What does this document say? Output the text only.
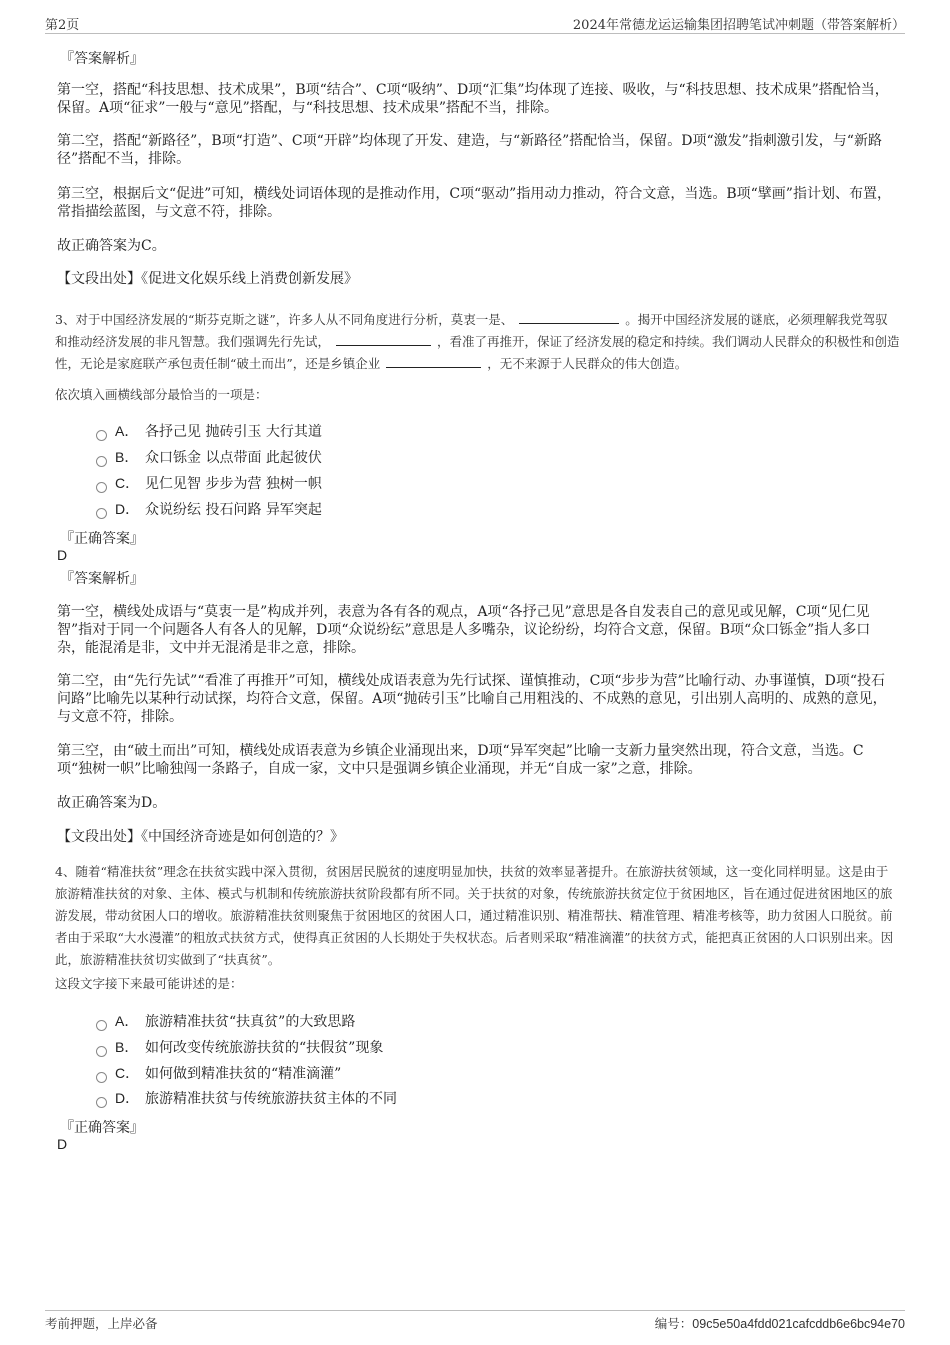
第2页	2024年常德龙运运输集团招聘笔试冲刺题（带答案解析）
『答案解析』
第一空，搭配“科技思想、技术成果”，B项“结合”、C项“吸纳”、D项“汇集”均体现了连接、吸收，与“科技思想、技术成果”搭配恰当，保留。A项“征求”一般与“意见”搭配，与“科技思想、技术成果”搭配不当，排除。
第二空，搭配“新路径”，B项“打造”、C项“开辟”均体现了开发、建造，与“新路径”搭配恰当，保留。D项“激发”指刺激引发，与“新路径”搭配不当，排除。
第三空，根据后文“促进”可知，横线处词语体现的是推动作用，C项“驱动”指用动力推动，符合文意，当选。B项“擘画”指计划、布置，常指描绘蓝图，与文意不符，排除。
故正确答案为C。
【文段出处】《促进文化娱乐线上消费创新发展》
3、对于中国经济发展的“斯芬克斯之谜”，许多人从不同角度进行分析，莫衷一是、	。揭开中国经济发展的谜底，必须理解我党驾驭和推动经济发展的非凡智慧。我们强调先行先试，	，看准了再推开，保证了经济发展的稳定和持续。我们调动人民群众的积极性和创造性，无论是家庭联产承包责任制“破土而出”，还是乡镇企业	，无不来源于人民群众的伟大创造。
依次填入画横线部分最恰当的一项是：
A． 各抒己见 抛砖引玉 大行其道
B． 众口铄金 以点带面 此起彼伏
C． 见仁见智 步步为营 独树一帜
D． 众说纷纭 投石问路 异军突起
『正确答案』
D
『答案解析』
第一空，横线处成语与“莫衷一是”构成并列，表意为各有各的观点，A项“各抒己见”意思是各自发表自己的意见或见解，C项“见仁见智”指对于同一个问题各人有各人的见解，D项“众说纷纭”意思是人多嘴杂，议论纷纷，均符合文意，保留。B项“众口铄金”指人多口杂，能混淆是非，文中并无混淆是非之意，排除。
第二空，由“先行先试”“看准了再推开”可知，横线处成语表意为先行试探、谨慎推动，C项“步步为营”比喻行动、办事谨慎，D项“投石问路”比喻先以某种行动试探，均符合文意，保留。A项“抛砖引玉”比喻自己用粗浅的、不成熟的意见，引出别人高明的、成熟的意见，与文意不符，排除。
第三空，由“破土而出”可知，横线处成语表意为乡镇企业涌现出来，D项“异军突起”比喻一支新力量突然出现，符合文意，当选。C项“独树一帜”比喻独闯一条路子，自成一家，文中只是强调乡镇企业涌现，并无“自成一家”之意，排除。
故正确答案为D。
【文段出处】《中国经济奇迹是如何创造的？》
4、随着“精准扶贫”理念在扶贫实践中深入贯彻，贫困居民脱贫的速度明显加快，扶贫的效率显著提升。在旅游扶贫领域，这一变化同样明显。这是由于旅游精准扶贫的对象、主体、模式与机制和传统旅游扶贫阶段都有所不同。关于扶贫的对象，传统旅游扶贫定位于贫困地区，旨在通过促进贫困地区的旅游发展，带动贫困人口的增收。旅游精准扶贫则聚焦于贫困地区的贫困人口，通过精准识别、精准帮扶、精准管理、精准考核等，助力贫困人口脱贫。前者由于采取“大水漫灌”的粗放式扶贫方式，使得真正贫困的人长期处于失权状态。后者则采取“精准滴灌”的扶贫方式，能把真正贫困的人口识别出来。因此，旅游精准扶贫切实做到了“扶真贫”。
这段文字接下来最可能讲述的是：
A． 旅游精准扶贫“扶真贫”的大致思路
B． 如何改变传统旅游扶贫的“扶假贫”现象
C． 如何做到精准扶贫的“精准滴灌”
D． 旅游精准扶贫与传统旅游扶贫主体的不同
『正确答案』
D
考前押题，上岸必备	编号：09c5e50a4fdd021cafcddb6e6bc94e70
